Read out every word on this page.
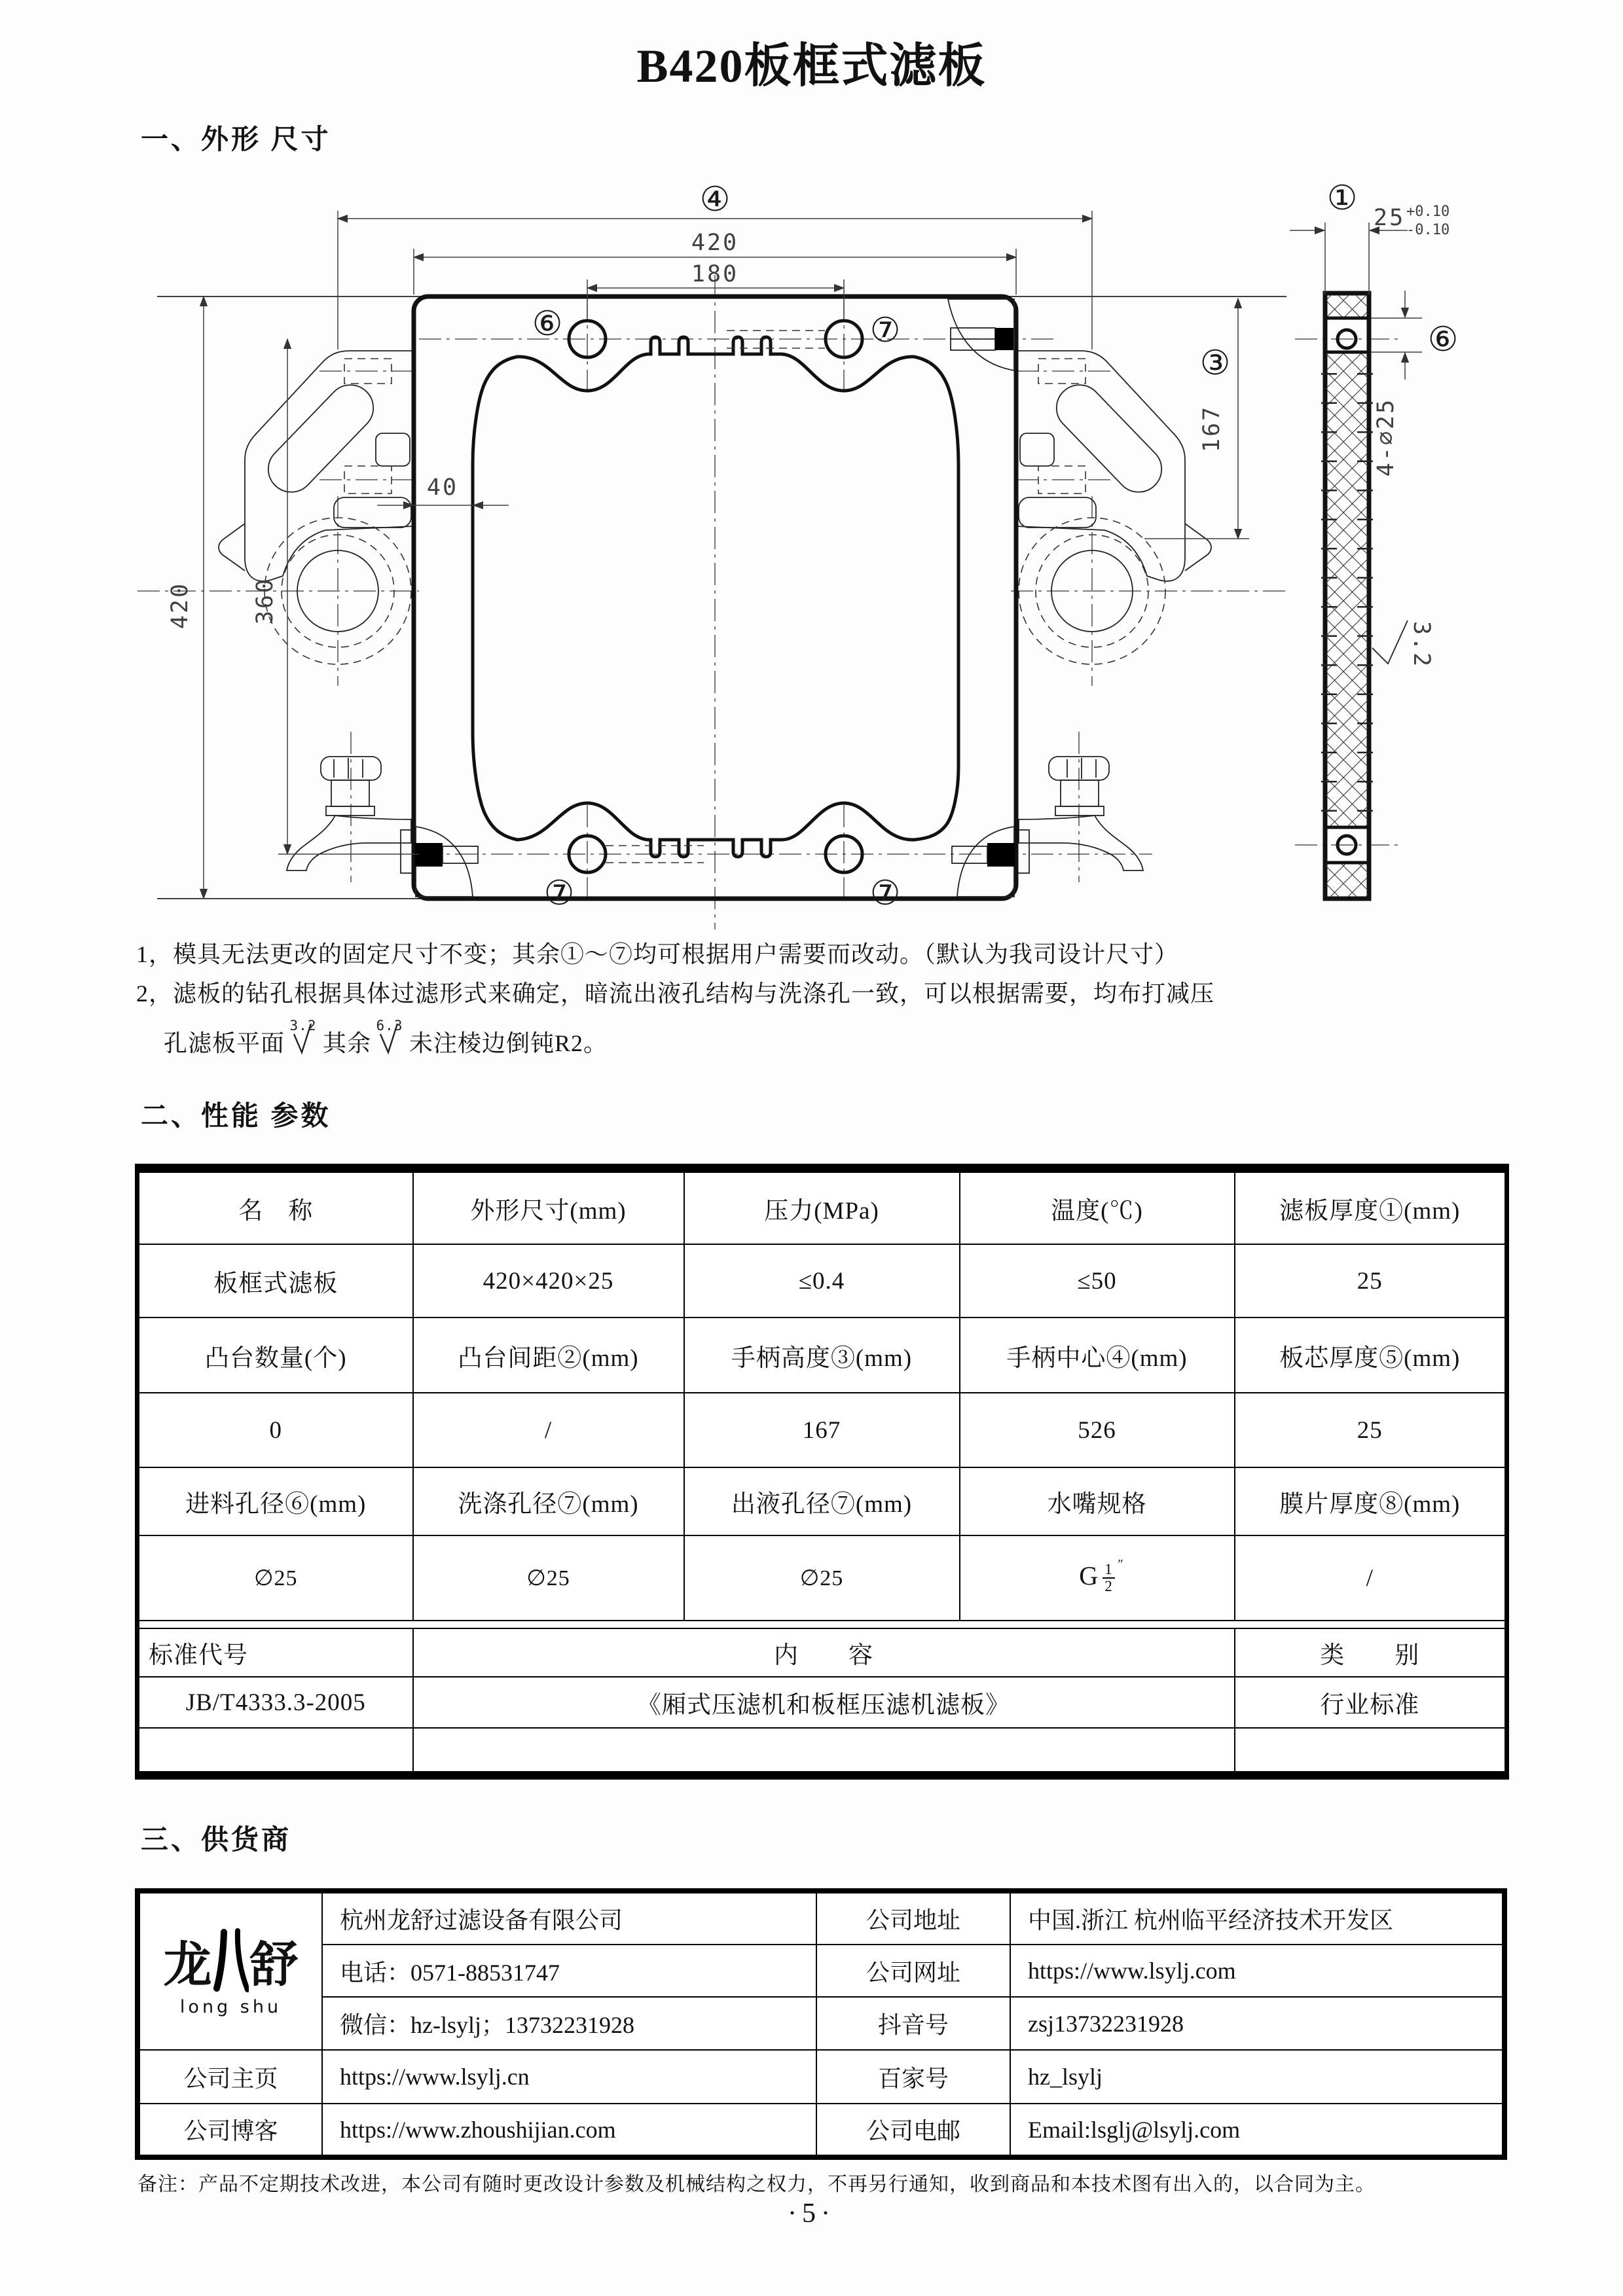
B420板框式滤板
一、外形 尺寸
④
420
180
⑥	⑦
③
167
40
420	360
⑦	⑦
① 25 +0.10
-0.10
⑥
4-∅25
3.2
1，模具无法更改的固定尺寸不变；其余①～⑦均可根据用户需要而改动。（默认为我司设计尺寸）
2，滤板的钻孔根据具体过滤形式来确定，暗流出液孔结构与洗涤孔一致，可以根据需要，均布打减压
孔滤板平面
3.2
其余
6.3
未注棱边倒钝R2。
二、性能 参数
名　称	外形尺寸(mm)	压力(MPa)	温度(℃)	滤板厚度①(mm)
板框式滤板	420×420×25	≤0.4	≤50	25
凸台数量(个)	凸台间距②(mm)	手柄高度③(mm)	手柄中心④(mm)	板芯厚度⑤(mm)
0	/	167	526	25
进料孔径⑥(mm)	洗涤孔径⑦(mm)	出液孔径⑦(mm)	水嘴规格	膜片厚度⑧(mm)
∅25	∅25	∅25	G $\frac{1 ''}{2}$	/

标准代号	内　　容			类　　别
JB/T4333.3-2005	《厢式压滤机和板框压滤机滤板》			行业标准

三、供货商
龙 舒
long shu	杭州龙舒过滤设备有限公司	公司地址	中国.浙江 杭州临平经济技术开发区
	电话：0571-88531747	公司网址	https://www.lsylj.com
	微信：hz-lsylj；13732231928	抖音号	zsj13732231928
公司主页	https://www.lsylj.cn	百家号	hz_lsylj
公司博客	https://www.zhoushijian.com	公司电邮	Email:lsglj@lsylj.com
备注：产品不定期技术改进，本公司有随时更改设计参数及机械结构之权力，不再另行通知，收到商品和本技术图有出入的，以合同为主。
·5·
